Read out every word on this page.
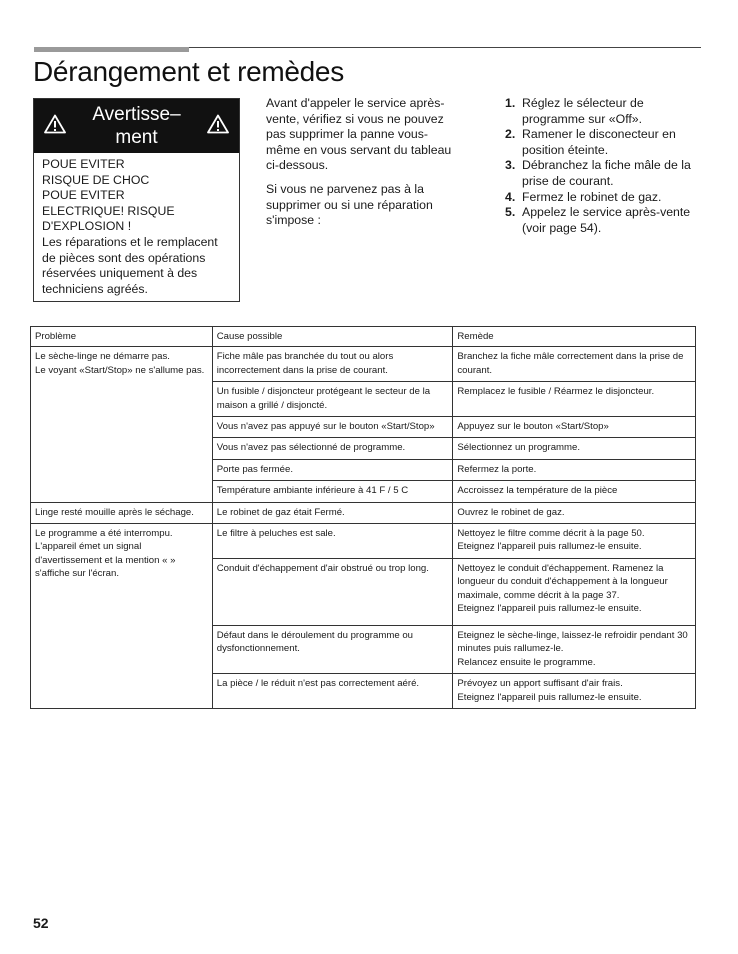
Dérangement et remèdes
Avertisse–
ment
POUE EVITER
RISQUE DE CHOC
POUE EVITER
ELECTRIQUE! RISQUE
D'EXPLOSION !
Les réparations et le remplacent de pièces sont des opérations réservées uniquement à des techniciens agréés.

Avant d'appeler le service après-vente, vérifiez si vous ne pouvez pas supprimer la panne vous-même en vous servant du tableau ci-dessous.

Si vous ne parvenez pas à la supprimer ou si une réparation s'impose :

1. Réglez le sélecteur de programme sur «Off».
2. Ramener le disconecteur en position éteinte.
3. Débranchez la fiche mâle de la prise de courant.
4. Fermez le robinet de gaz.
5. Appelez le service après-vente (voir page 54).
Problème	Cause possible	Remède

Le sèche-linge ne démarre pas.
Le voyant «Start/Stop» ne s'allume pas.	Fiche mâle pas branchée du tout ou alors incorrectement dans la prise de courant.	Branchez la fiche mâle correctement dans la prise de courant.
	Un fusible / disjoncteur protégeant le secteur de la maison a grillé / disjoncté.	Remplacez le fusible / Réarmez le disjoncteur.
	Vous n'avez pas appuyé sur le bouton «Start/Stop»	Appuyez sur le bouton «Start/Stop»
	Vous n'avez pas sélectionné de programme.	Sélectionnez un programme.
	Porte pas fermée.	Refermez la porte.
	Température ambiante inférieure à 41 F / 5 C	Accroissez la température de la pièce
Linge resté mouille après le séchage.	Le robinet de gaz était Fermé.	Ouvrez le robinet de gaz.
Le programme a été interrompu. L'appareil émet un signal d'avertissement et la mention « » s'affiche sur l'écran.	Le filtre à peluches est sale.	Nettoyez le filtre comme décrit à la page 50.
Eteignez l'appareil puis rallumez-le ensuite.

	Conduit d'échappement d'air obstrué ou trop long.	Nettoyez le conduit d'échappement. Ramenez la longueur du conduit d'échappement à la longueur maximale, comme décrit à la page 37.
Eteignez l'appareil puis rallumez-le ensuite.

	Défaut dans le déroulement du programme ou dysfonctionnement.	Eteignez le sèche-linge, laissez-le refroidir pendant 30 minutes puis rallumez-le.
Relancez ensuite le programme.

	La pièce / le réduit n'est pas correctement aéré.	Prévoyez un apport suffisant d'air frais.
Eteignez l'appareil puis rallumez-le ensuite.
52
